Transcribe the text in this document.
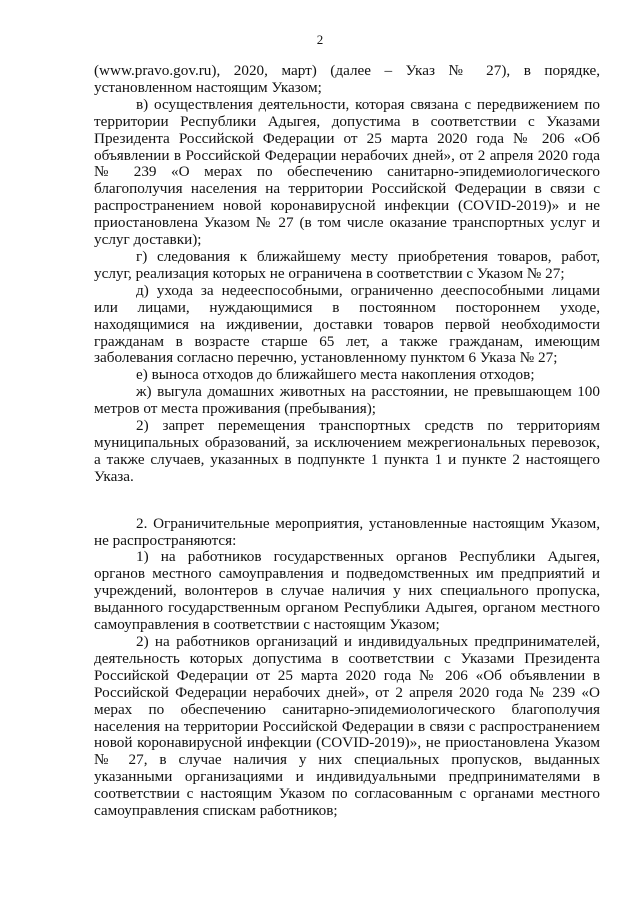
2

(www.pravo.gov.ru), 2020, март) (далее – Указ № 27), в порядке, установленном настоящим Указом;

в) осуществления деятельности, которая связана с передвижением по территории Республики Адыгея, допустима в соответствии с Указами Президента Российской Федерации от 25 марта 2020 года № 206 «Об объявлении в Российской Федерации нерабочих дней», от 2 апреля 2020 года № 239 «О мерах по обеспечению санитарно-эпидемиологического благополучия населения на территории Российской Федерации в связи с распространением новой коронавирусной инфекции (COVID-2019)» и не приостановлена Указом № 27 (в том числе оказание транспортных услуг и услуг доставки);

г) следования к ближайшему месту приобретения товаров, работ, услуг, реализация которых не ограничена в соответствии с Указом № 27;

д) ухода за недееспособными, ограниченно дееспособными лицами или лицами, нуждающимися в постоянном постороннем уходе, находящимися на иждивении, доставки товаров первой необходимости гражданам в возрасте старше 65 лет, а также гражданам, имеющим заболевания согласно перечню, установленному пунктом 6 Указа № 27;

е) выноса отходов до ближайшего места накопления отходов;

ж) выгула домашних животных на расстоянии, не превышающем 100 метров от места проживания (пребывания);

2) запрет перемещения транспортных средств по территориям муниципальных образований, за исключением межрегиональных перевозок, а также случаев, указанных в подпункте 1 пункта 1 и пункте 2 настоящего Указа.

2. Ограничительные мероприятия, установленные настоящим Указом, не распространяются:

1) на работников государственных органов Республики Адыгея, органов местного самоуправления и подведомственных им предприятий и учреждений, волонтеров в случае наличия у них специального пропуска, выданного государственным органом Республики Адыгея, органом местного самоуправления в соответствии с настоящим Указом;

2) на работников организаций и индивидуальных предпринимателей, деятельность которых допустима в соответствии с Указами Президента Российской Федерации от 25 марта 2020 года № 206 «Об объявлении в Российской Федерации нерабочих дней», от 2 апреля 2020 года № 239 «О мерах по обеспечению санитарно-эпидемиологического благополучия населения на территории Российской Федерации в связи с распространением новой коронавирусной инфекции (COVID-2019)», не приостановлена Указом № 27, в случае наличия у них специальных пропусков, выданных указанными организациями и индивидуальными предпринимателями в соответствии с настоящим Указом по согласованным с органами местного самоуправления спискам работников;
